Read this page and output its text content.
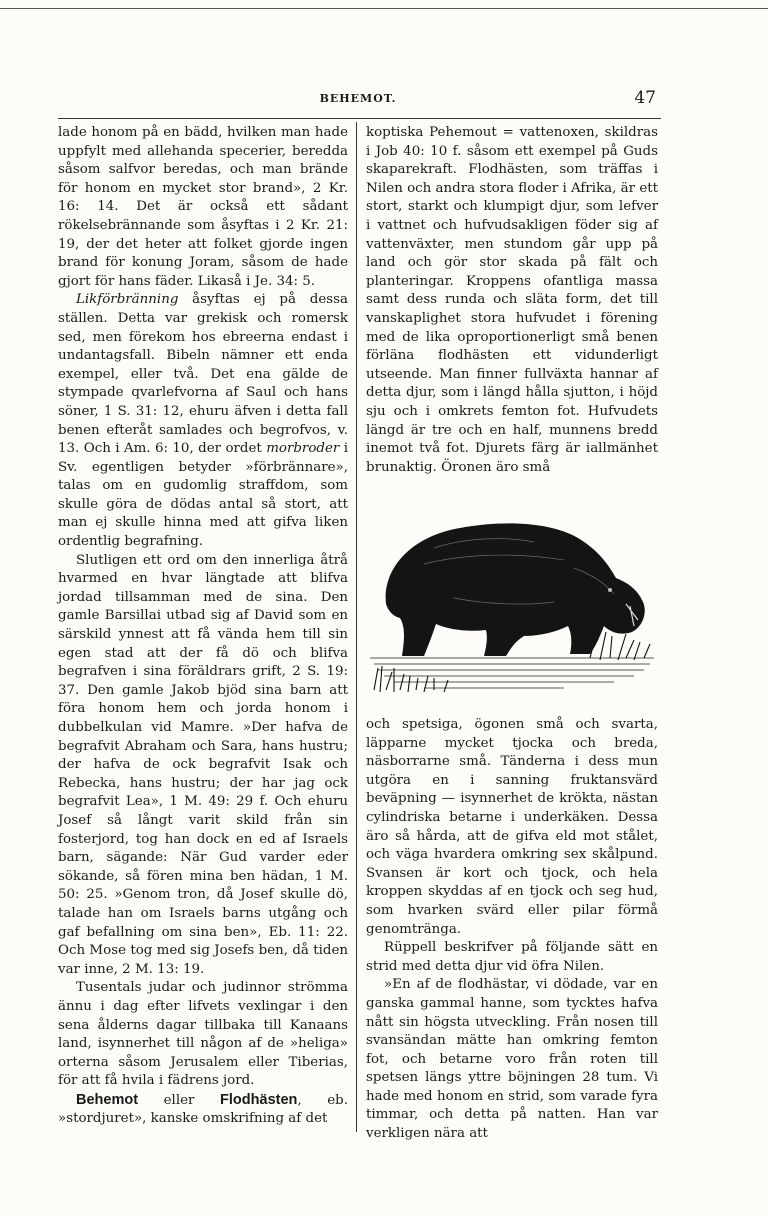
BEHEMOT.	47

lade honom på en bädd, hvilken man hade uppfylt med allehanda specerier, beredda såsom salfvor beredas, och man brände för honom en mycket stor brand», 2 Kr. 16: 14. Det är också ett sådant rökelsebrännande som åsyftas i 2 Kr. 21: 19, der det heter att folket gjorde ingen brand för konung Joram, såsom de hade gjort för hans fäder. Likaså i Je. 34: 5.

Likförbränning åsyftas ej på dessa ställen. Detta var grekisk och romersk sed, men förekom hos ebreerna endast i undantagsfall. Bibeln nämner ett enda exempel, eller två. Det ena gälde de stympade qvarlefvorna af Saul och hans söner, 1 S. 31: 12, ehuru äfven i detta fall benen efteråt samlades och begrofvos, v. 13. Och i Am. 6: 10, der ordet morbroder i Sv. egentligen betyder »förbrännare», talas om en gudomlig straffdom, som skulle göra de dödas antal så stort, att man ej skulle hinna med att gifva liken ordentlig begrafning.

Slutligen ett ord om den innerliga åtrå hvarmed en hvar längtade att blifva jordad tillsamman med de sina. Den gamle Barsillai utbad sig af David som en särskild ynnest att få vända hem till sin egen stad att der få dö och blifva begrafven i sina föräldrars grift, 2 S. 19: 37. Den gamle Jakob bjöd sina barn att föra honom hem och jorda honom i dubbelkulan vid Mamre. »Der hafva de begrafvit Abraham och Sara, hans hustru; der hafva de ock begrafvit Isak och Rebecka, hans hustru; der har jag ock begrafvit Lea», 1 M. 49: 29 f. Och ehuru Josef så långt varit skild från sin fosterjord, tog han dock en ed af Israels barn, sägande: När Gud varder eder sökande, så fören mina ben hädan, 1 M. 50: 25. »Genom tron, då Josef skulle dö, talade han om Israels barns utgång och gaf befallning om sina ben», Eb. 11: 22. Och Mose tog med sig Josefs ben, då tiden var inne, 2 M. 13: 19.

Tusentals judar och judinnor strömma ännu i dag efter lifvets vexlingar i den sena ålderns dagar tillbaka till Kanaans land, isynnerhet till någon af de »heliga» orterna såsom Jerusalem eller Tiberias, för att få hvila i fädrens jord.

Behemot eller Flodhästen, eb. »stordjuret», kanske omskrifning af det

koptiska Pehemout = vattenoxen, skildras i Job 40: 10 f. såsom ett exempel på Guds skaparekraft. Flodhästen, som träffas i Nilen och andra stora floder i Afrika, är ett stort, starkt och klumpigt djur, som lefver i vattnet och hufvudsakligen föder sig af vattenväxter, men stundom går upp på land och gör stor skada på fält och planteringar. Kroppens ofantliga massa samt dess runda och släta form, det till vanskaplighet stora hufvudet i förening med de lika oproportionerligt små benen förläna flodhästen ett vidunderligt utseende. Man finner fullväxta hannar af detta djur, som i längd hålla sjutton, i höjd sju och i omkrets femton fot. Hufvudets längd är tre och en half, munnens bredd inemot två fot. Djurets färg är iallmänhet brunaktig. Öronen äro små

och spetsiga, ögonen små och svarta, läpparne mycket tjocka och breda, näsborrarne små. Tänderna i dess mun utgöra en i sanning fruktansvärd beväpning — isynnerhet de krökta, nästan cylindriska betarne i underkäken. Dessa äro så hårda, att de gifva eld mot stålet, och väga hvardera omkring sex skålpund. Svansen är kort och tjock, och hela kroppen skyddas af en tjock och seg hud, som hvarken svärd eller pilar förmå genomtränga.

Rüppell beskrifver på följande sätt en strid med detta djur vid öfra Nilen.

»En af de flodhästar, vi dödade, var en ganska gammal hanne, som tycktes hafva nått sin högsta utveckling. Från nosen till svansändan mätte han omkring femton fot, och betarne voro från roten till spetsen längs yttre böjningen 28 tum. Vi hade med honom en strid, som varade fyra timmar, och detta på natten. Han var verkligen nära att
